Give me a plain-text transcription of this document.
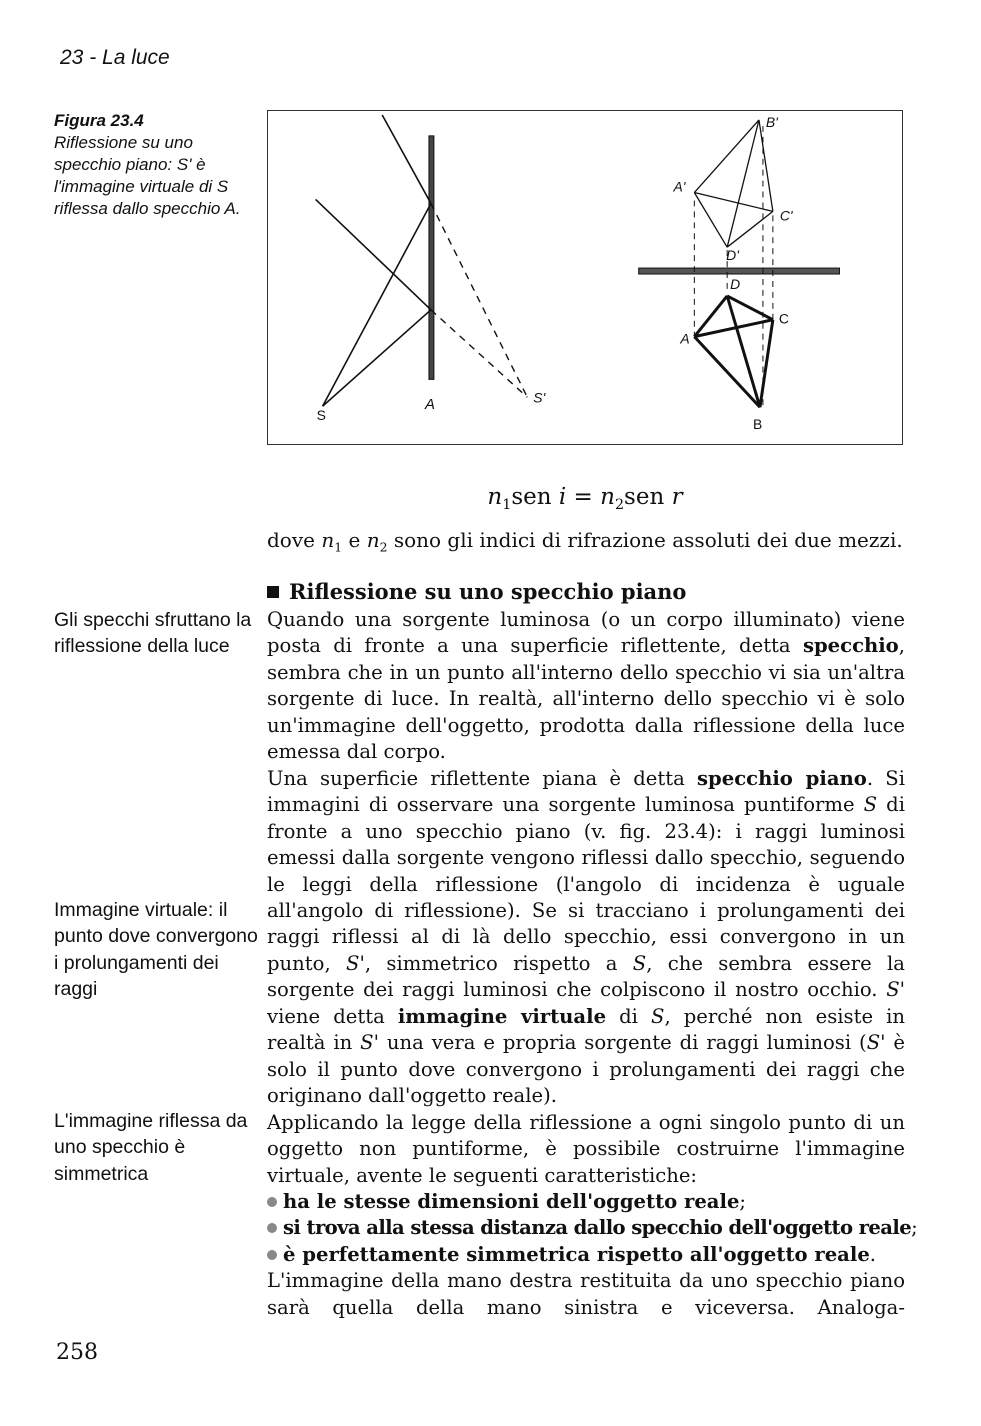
23 - La luce
Figura 23.4
Riflessione su uno specchio piano: S' è l'immagine virtuale di S riflessa dallo specchio A.
S
A	S'
B'
A'
C'
D'
D
C
A
B
$n_1sen$ $i = n_2sen$ r
dove $n_1$ e $n_2$ sono gli indici di rifrazione assoluti dei due mezzi.
Riflessione su uno specchio piano
Gli specchi sfruttano la riflessione della luce
Immagine virtuale: il punto dove convergono i prolungamenti dei raggi
L'immagine riflessa da uno specchio è simmetrica

Quando una sorgente luminosa (o un corpo illuminato) viene posta di fronte a una superficie riflettente, detta specchio, sembra che in un punto all'interno dello specchio vi sia un'altra sorgente di luce. In realtà, all'interno dello specchio vi è solo un'immagine dell'oggetto, prodotta dalla riflessione della luce emessa dal corpo.

Una superficie riflettente piana è detta specchio piano. Si immagini di osservare una sorgente luminosa puntiforme S di fronte a uno specchio piano (v. fig. 23.4): i raggi luminosi emessi dalla sorgente vengono riflessi dallo specchio, seguendo le leggi della riflessione (l'angolo di incidenza è uguale all'angolo di riflessione). Se si tracciano i prolungamenti dei raggi riflessi al di là dello specchio, essi convergono in un punto, S', simmetrico rispetto a S, che sembra essere la sorgente dei raggi luminosi che colpiscono il nostro occhio. S' viene detta immagine virtuale di S, perché non esiste in realtà in S' una vera e propria sorgente di raggi luminosi (S' è solo il punto dove convergono i prolungamenti dei raggi che originano dall'oggetto reale).

Applicando la legge della riflessione a ogni singolo punto di un oggetto non puntiforme, è possibile costruirne l'immagine virtuale, avente le seguenti caratteristiche:

ha le stesse dimensioni dell'oggetto reale;

si trova alla stessa distanza dallo specchio dell'oggetto reale;

è perfettamente simmetrica rispetto all'oggetto reale.

L'immagine della mano destra restituita da uno specchio piano sarà quella della mano sinistra e viceversa. Analoga-

258
